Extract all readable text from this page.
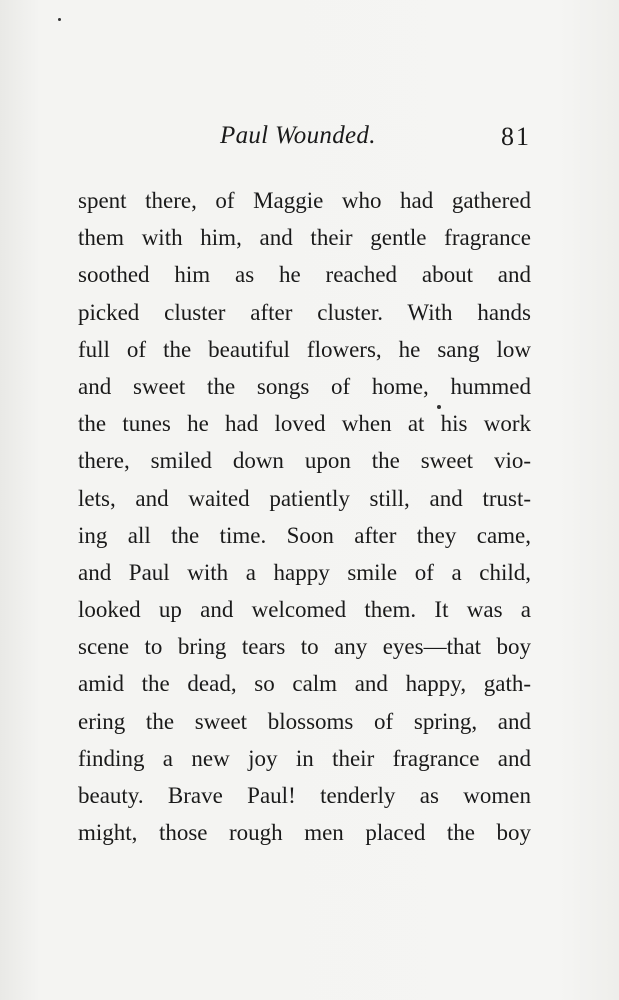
Paul Wounded.	81
spent there, of Maggie who had gathered
them with him, and their gentle fragrance
soothed him as he reached about and
picked cluster after cluster. With hands
full of the beautiful flowers, he sang low
and sweet the songs of home, hummed
the tunes he had loved when at his work
there, smiled down upon the sweet vio-
lets, and waited patiently still, and trust-
ing all the time. Soon after they came,
and Paul with a happy smile of a child,
looked up and welcomed them. It was a
scene to bring tears to any eyes—that boy
amid the dead, so calm and happy, gath-
ering the sweet blossoms of spring, and
finding a new joy in their fragrance and
beauty. Brave Paul! tenderly as women
might, those rough men placed the boy
